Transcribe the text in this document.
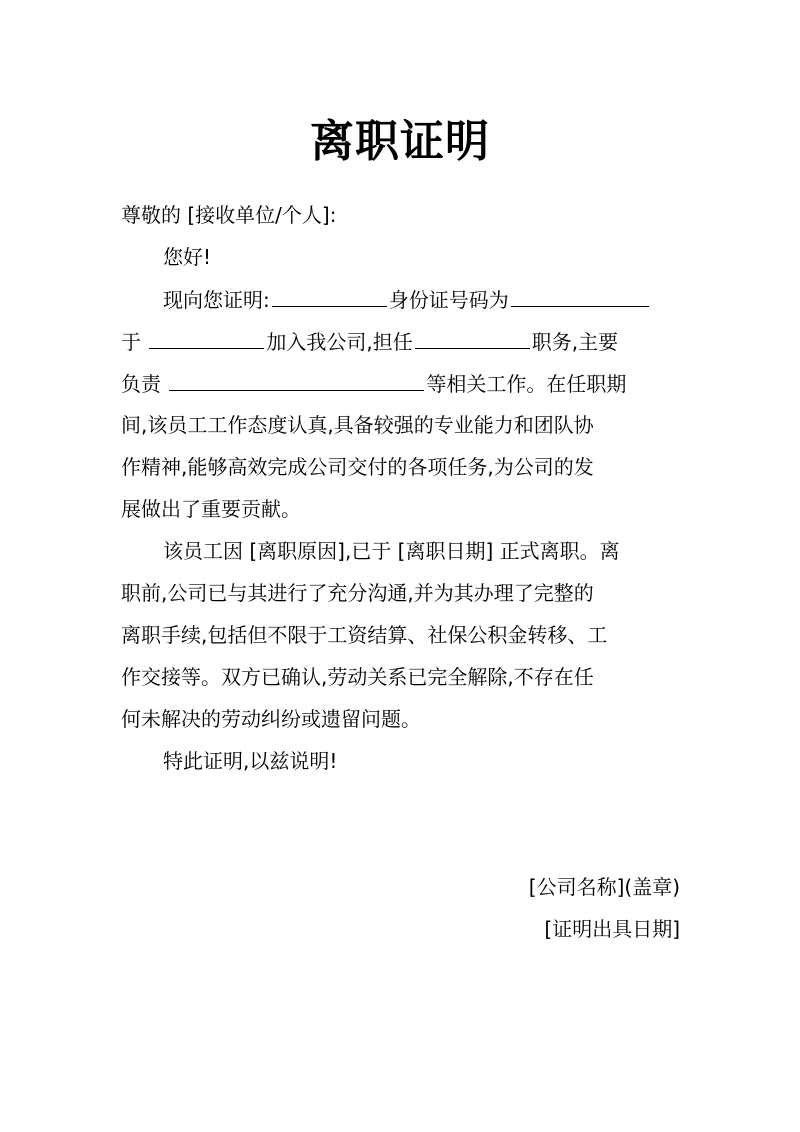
离职证明
尊敬的 [接收单位/个人]:
您好!
现向您证明:	身份证号码为
于	加入我公司,担任	职务,主要
负责	等相关工作。在任职期
间,该员工工作态度认真,具备较强的专业能力和团队协
作精神,能够高效完成公司交付的各项任务,为公司的发
展做出了重要贡献。
该员工因 [离职原因],已于 [离职日期] 正式离职。离
职前,公司已与其进行了充分沟通,并为其办理了完整的
离职手续,包括但不限于工资结算、社保公积金转移、工
作交接等。双方已确认,劳动关系已完全解除,不存在任
何未解决的劳动纠纷或遗留问题。
特此证明,以兹说明!
[公司名称](盖章)
[证明出具日期]
